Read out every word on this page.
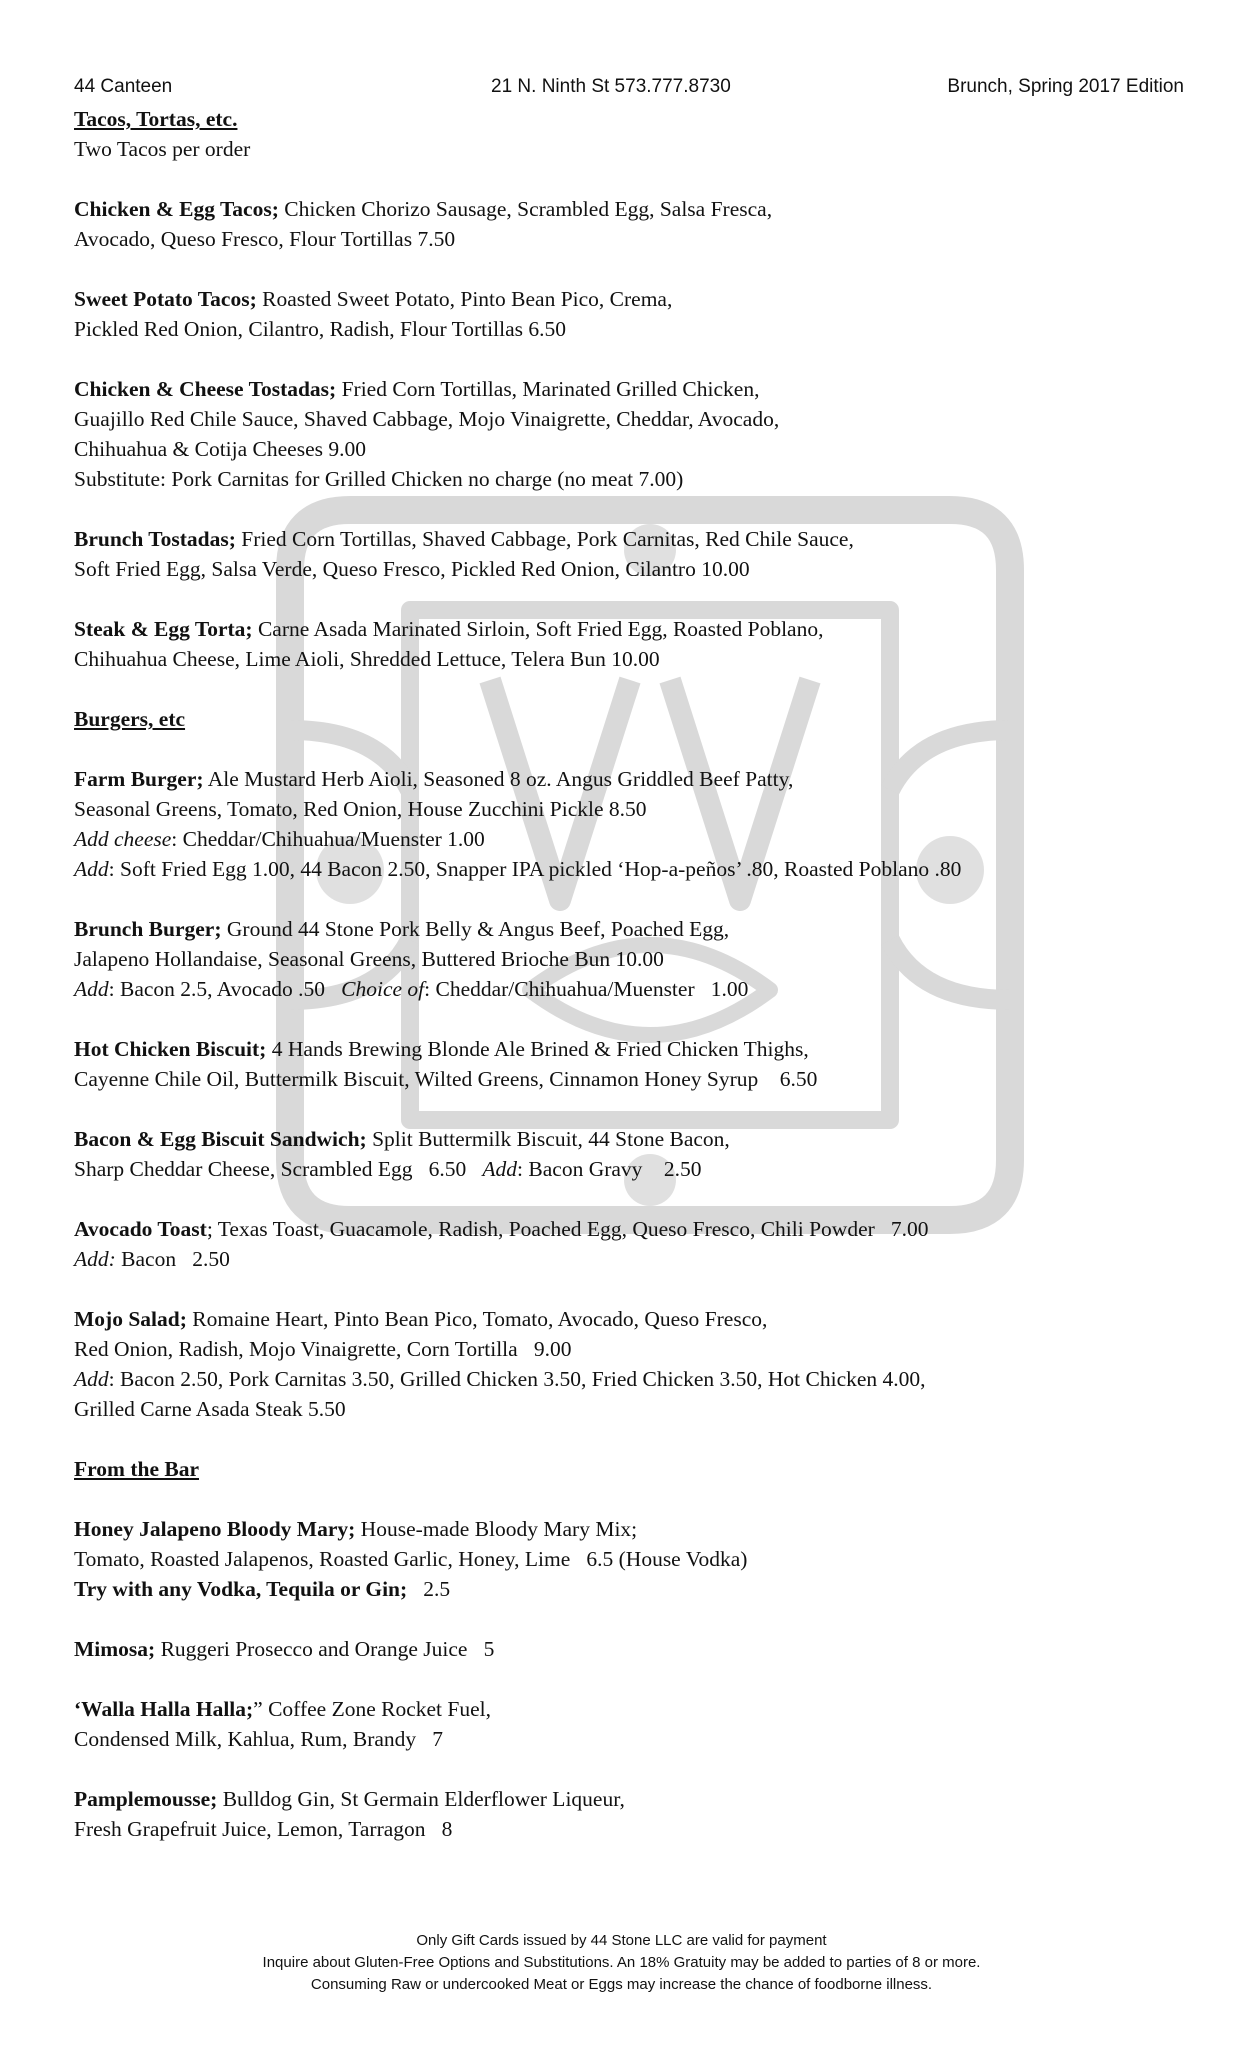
44 Canteen	21 N. Ninth St 573.777.8730	Brunch, Spring 2017 Edition
Tacos, Tortas, etc.
Two Tacos per order
Chicken & Egg Tacos; Chicken Chorizo Sausage, Scrambled Egg, Salsa Fresca,
Avocado, Queso Fresco, Flour Tortillas 7.50
Sweet Potato Tacos; Roasted Sweet Potato, Pinto Bean Pico, Crema,
Pickled Red Onion, Cilantro, Radish, Flour Tortillas 6.50
Chicken & Cheese Tostadas; Fried Corn Tortillas, Marinated Grilled Chicken,
Guajillo Red Chile Sauce, Shaved Cabbage, Mojo Vinaigrette, Cheddar, Avocado,
Chihuahua & Cotija Cheeses 9.00
Substitute: Pork Carnitas for Grilled Chicken no charge (no meat 7.00)
Brunch Tostadas; Fried Corn Tortillas, Shaved Cabbage, Pork Carnitas, Red Chile Sauce,
Soft Fried Egg, Salsa Verde, Queso Fresco, Pickled Red Onion, Cilantro 10.00
Steak & Egg Torta; Carne Asada Marinated Sirloin, Soft Fried Egg, Roasted Poblano,
Chihuahua Cheese, Lime Aioli, Shredded Lettuce, Telera Bun 10.00
Burgers, etc
Farm Burger; Ale Mustard Herb Aioli, Seasoned 8 oz. Angus Griddled Beef Patty,
Seasonal Greens, Tomato, Red Onion, House Zucchini Pickle 8.50
Add cheese: Cheddar/Chihuahua/Muenster 1.00
Add: Soft Fried Egg 1.00, 44 Bacon 2.50, Snapper IPA pickled ‘Hop-a-peños’ .80, Roasted Poblano .80
Brunch Burger; Ground 44 Stone Pork Belly & Angus Beef, Poached Egg,
Jalapeno Hollandaise, Seasonal Greens, Buttered Brioche Bun 10.00
Add: Bacon 2.5, Avocado .50   Choice of: Cheddar/Chihuahua/Muenster   1.00
Hot Chicken Biscuit; 4 Hands Brewing Blonde Ale Brined & Fried Chicken Thighs,
Cayenne Chile Oil, Buttermilk Biscuit, Wilted Greens, Cinnamon Honey Syrup    6.50
Bacon & Egg Biscuit Sandwich; Split Buttermilk Biscuit, 44 Stone Bacon,
Sharp Cheddar Cheese, Scrambled Egg   6.50   Add: Bacon Gravy    2.50
Avocado Toast; Texas Toast, Guacamole, Radish, Poached Egg, Queso Fresco, Chili Powder   7.00
Add: Bacon   2.50
Mojo Salad; Romaine Heart, Pinto Bean Pico, Tomato, Avocado, Queso Fresco,
Red Onion, Radish, Mojo Vinaigrette, Corn Tortilla   9.00
Add: Bacon 2.50, Pork Carnitas 3.50, Grilled Chicken 3.50, Fried Chicken 3.50, Hot Chicken 4.00,
Grilled Carne Asada Steak 5.50
From the Bar
Honey Jalapeno Bloody Mary; House-made Bloody Mary Mix;
Tomato, Roasted Jalapenos, Roasted Garlic, Honey, Lime   6.5 (House Vodka)
Try with any Vodka, Tequila or Gin;   2.5
Mimosa; Ruggeri Prosecco and Orange Juice   5
‘Walla Halla Halla;” Coffee Zone Rocket Fuel,
Condensed Milk, Kahlua, Rum, Brandy   7
Pamplemousse; Bulldog Gin, St Germain Elderflower Liqueur,
Fresh Grapefruit Juice, Lemon, Tarragon   8
Only Gift Cards issued by 44 Stone LLC are valid for payment
Inquire about Gluten-Free Options and Substitutions. An 18% Gratuity may be added to parties of 8 or more.
Consuming Raw or undercooked Meat or Eggs may increase the chance of foodborne illness.
